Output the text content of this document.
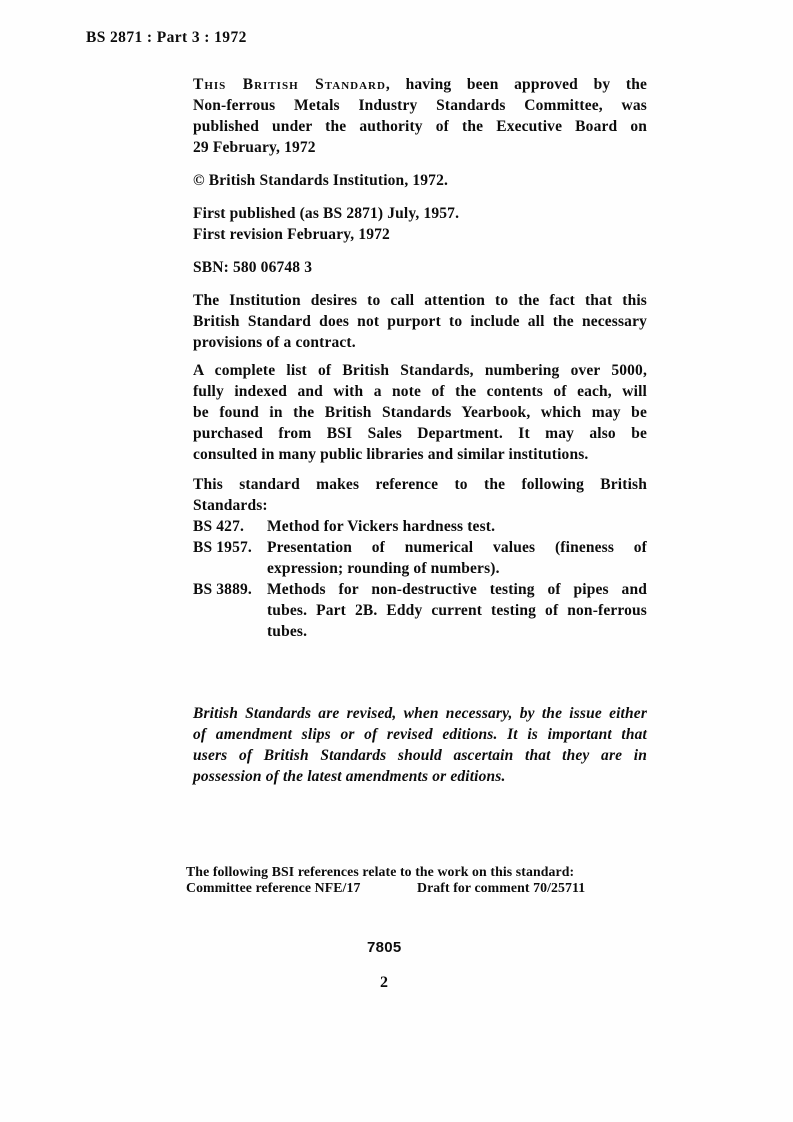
BS 2871 : Part 3 : 1972
This British Standard, having been approved by the
Non-ferrous Metals Industry Standards Committee, was
published under the authority of the Executive Board on
29 February, 1972
© British Standards Institution, 1972.
First published (as BS 2871) July, 1957.
First revision February, 1972
SBN: 580 06748 3
The Institution desires to call attention to the fact that this
British Standard does not purport to include all the necessary
provisions of a contract.
A complete list of British Standards, numbering over 5000,
fully indexed and with a note of the contents of each, will
be found in the British Standards Yearbook, which may be
purchased from BSI Sales Department. It may also be
consulted in many public libraries and similar institutions.
This standard makes reference to the following British
Standards:
BS 427.	Method for Vickers hardness test.
BS 1957. Presentation of numerical values (fineness of
expression; rounding of numbers).
BS 3889. Methods for non-destructive testing of pipes and
tubes. Part 2B. Eddy current testing of non-ferrous
tubes.
British Standards are revised, when necessary, by the issue either
of amendment slips or of revised editions. It is important that
users of British Standards should ascertain that they are in
possession of the latest amendments or editions.
The following BSI references relate to the work on this standard:
Committee reference NFE/17	Draft for comment 70/25711
7805
2
